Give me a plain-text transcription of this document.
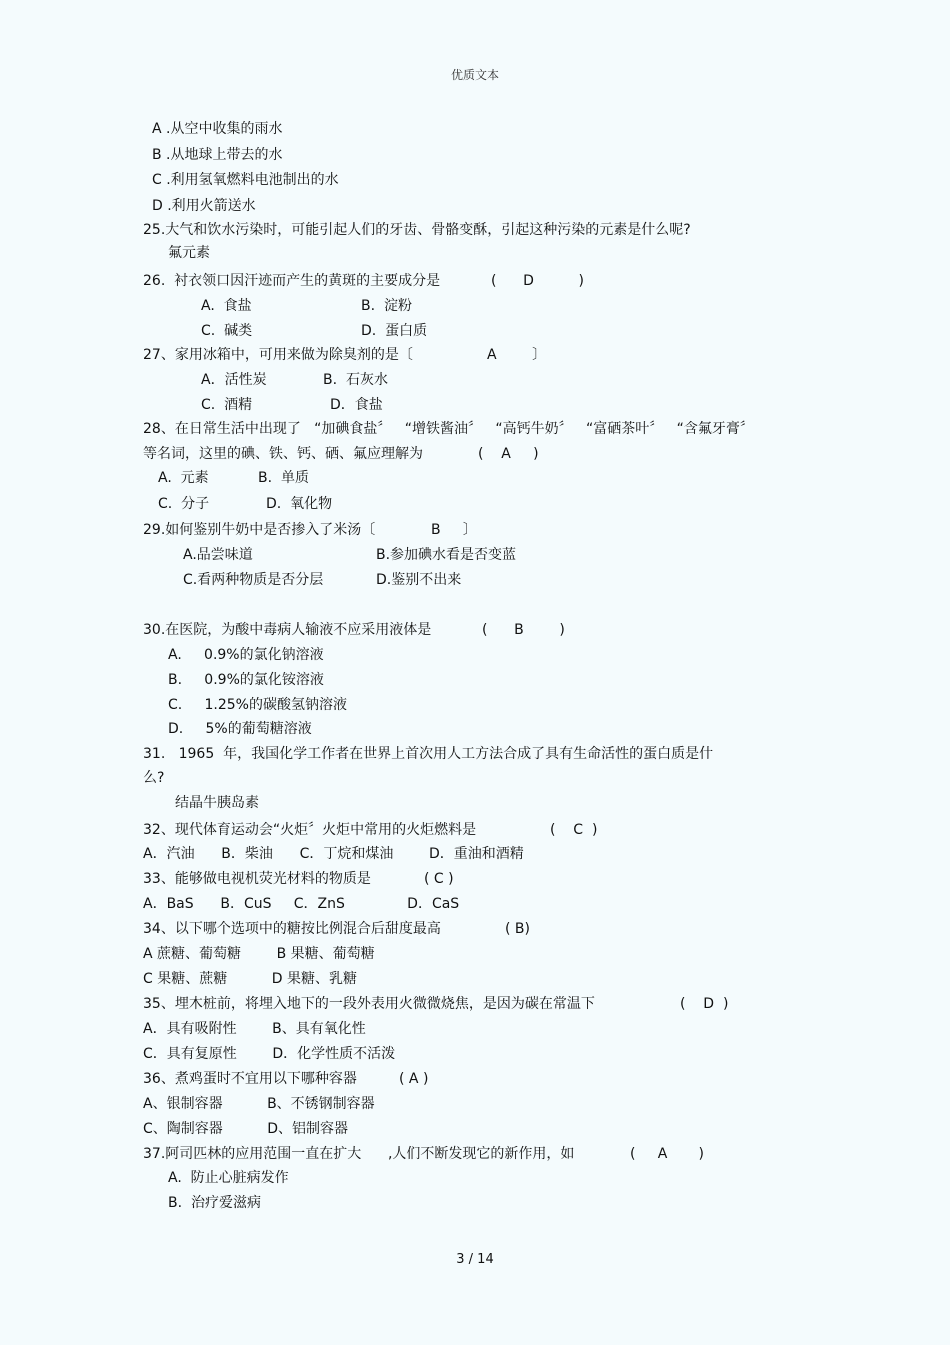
优质文本
A .从空中收集的雨水
B .从地球上带去的水
C .利用氢氧燃料电池制出的水
D .利用火箭送水
25.大气和饮水污染时，可能引起人们的牙齿、骨骼变酥，引起这种污染的元素是什么呢?
氟元素
26.  衬衣领口因汗迹而产生的黄斑的主要成分是	(      D          )
A.  食盐	B.  淀粉
C.  碱类	D.  蛋白质
27、家用冰箱中，可用来做为除臭剂的是〔	A        〕
A．活性炭	B.  石灰水
C.  酒精	D．食盐
28、在日常生活中出现了   “加碘食盐〞   “增铁酱油〞   “高钙牛奶〞   “富硒茶叶〞   “含氟牙膏〞
等名词，这里的碘、铁、钙、硒、氟应理解为	(    A     )
A.  元素	B.  单质
C.  分子	D.  氧化物
29.如何鉴别牛奶中是否掺入了米汤〔	B     〕
A.品尝味道	B.参加碘水看是否变蓝
C.看两种物质是否分层	D.鉴别不出来
30.在医院，为酸中毒病人输液不应采用液体是	(      B        )
A.     0.9%的氯化钠溶液
B.     0.9%的氯化铵溶液
C.     1.25%的碳酸氢钠溶液
D.     5%的葡萄糖溶液
31.   1965  年，我国化学工作者在世界上首次用人工方法合成了具有生命活性的蛋白质是什
么?
结晶牛胰岛素
32、现代体育运动会“火炬〞火炬中常用的火炬燃料是	(    C  )
A．汽油      B．柴油      C．丁烷和煤油        D．重油和酒精
33、能够做电视机荧光材料的物质是	( C )
A．BaS      B．CuS     C．ZnS              D．CaS
34、以下哪个选项中的糖按比例混合后甜度最高	( B)
A 蔗糖、葡萄糖        B 果糖、葡萄糖
C 果糖、蔗糖          D 果糖、乳糖
35、埋木桩前，将埋入地下的一段外表用火微微烧焦，是因为碳在常温下	(    D  )
A．具有吸附性        B、具有氧化性
C．具有复原性        D．化学性质不活泼
36、煮鸡蛋时不宜用以下哪种容器	( A )
A、银制容器          B、不锈钢制容器
C、陶制容器          D、铝制容器
37.阿司匹林的应用范围一直在扩大      ,人们不断发现它的新作用，如	(     A       )
A.  防止心脏病发作
B.  治疗爱滋病
3 / 14
